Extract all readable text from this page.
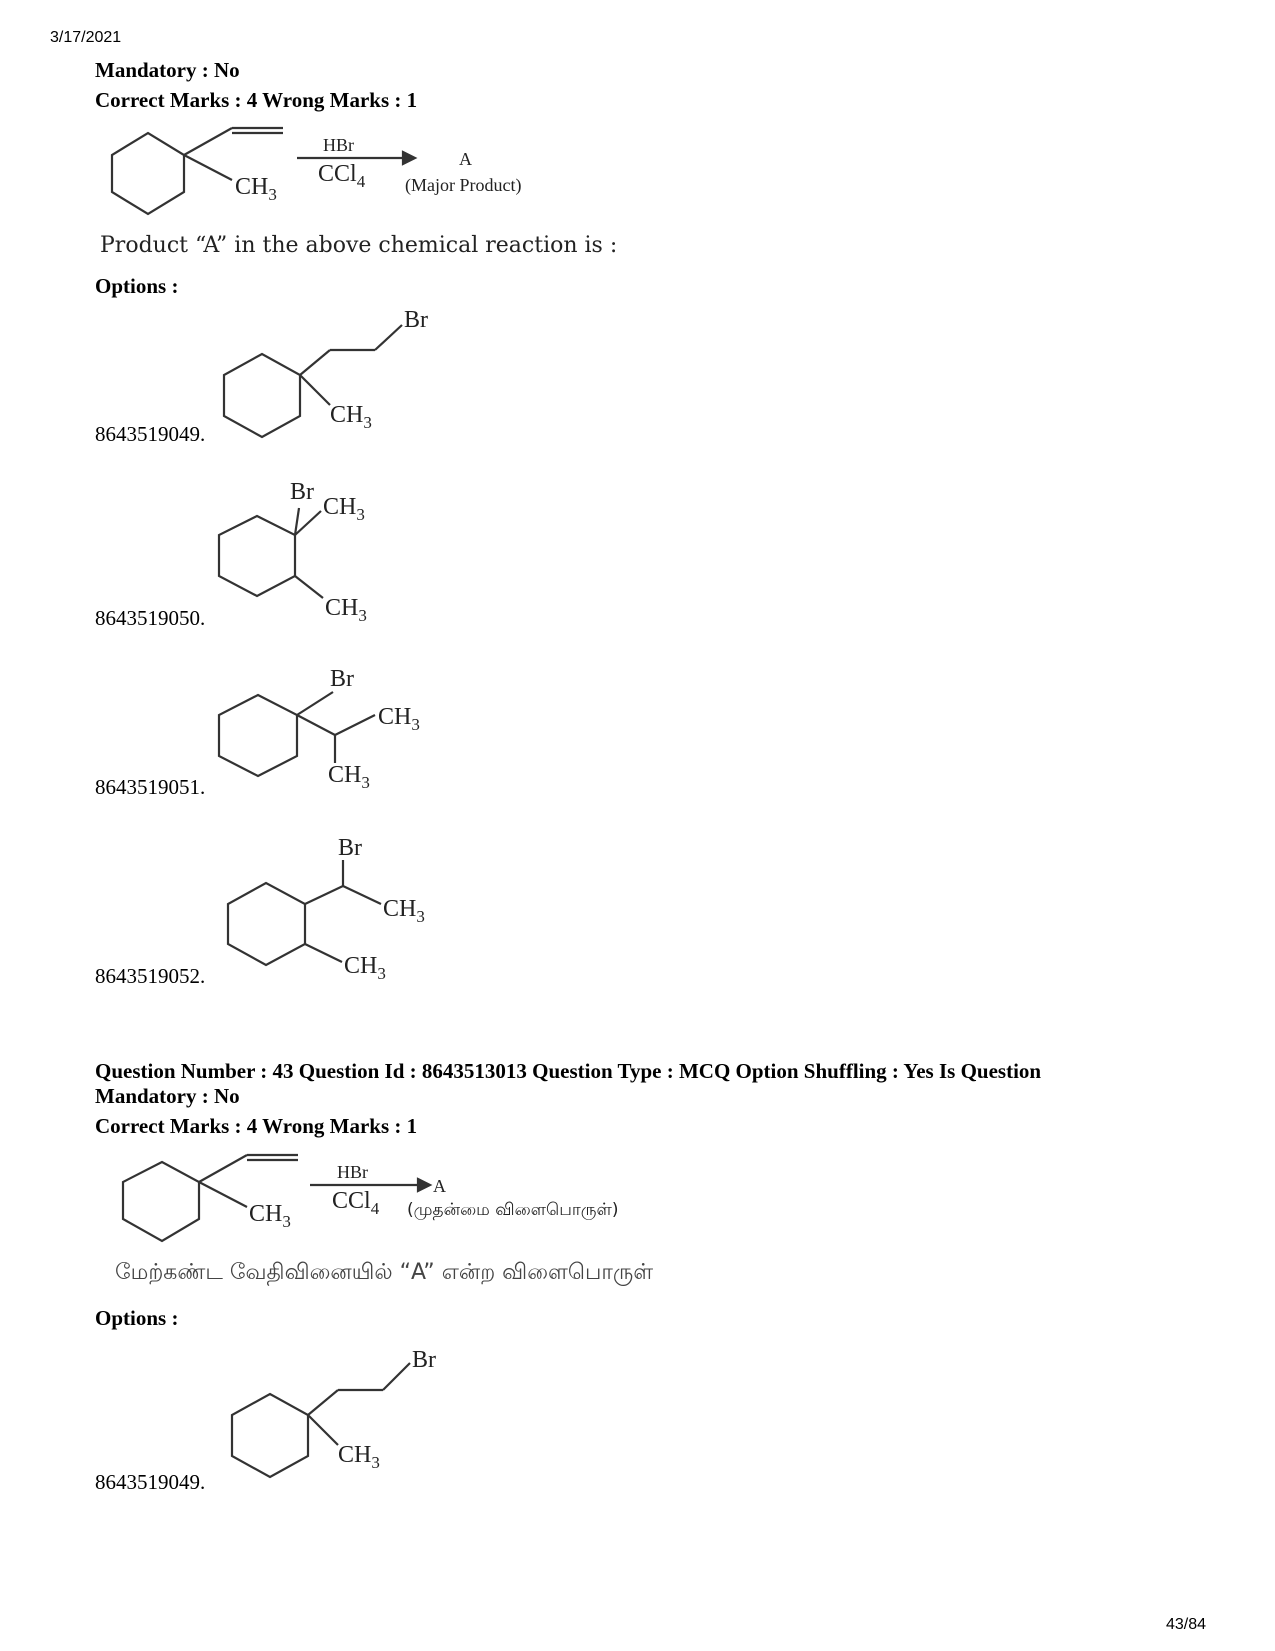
3/17/2021
Mandatory : No
Correct Marks : 4 Wrong Marks : 1
$CH_3$
HBr
CCl$_4$
A
(Major Product)
Product “A” in the above chemical reaction is :
Options :
8643519049.
Br
$CH_3$
8643519050.
Br
$CH_3$
$CH_3$
8643519051.
Br
$CH_3$
$CH_3$
8643519052.
Br
$CH_3$
$CH_3$
Question Number : 43 Question Id : 8643513013 Question Type : MCQ Option Shuffling : Yes Is Question
Mandatory : No
Correct Marks : 4 Wrong Marks : 1
$CH_3$
HBr
CCl$_4$
A
(முதன்மை விளைபொருள்)
மேற்கண்ட வேதிவினையில் “A” என்ற விளைபொருள்
Options :
8643519049.
Br
$CH_3$
43/84
